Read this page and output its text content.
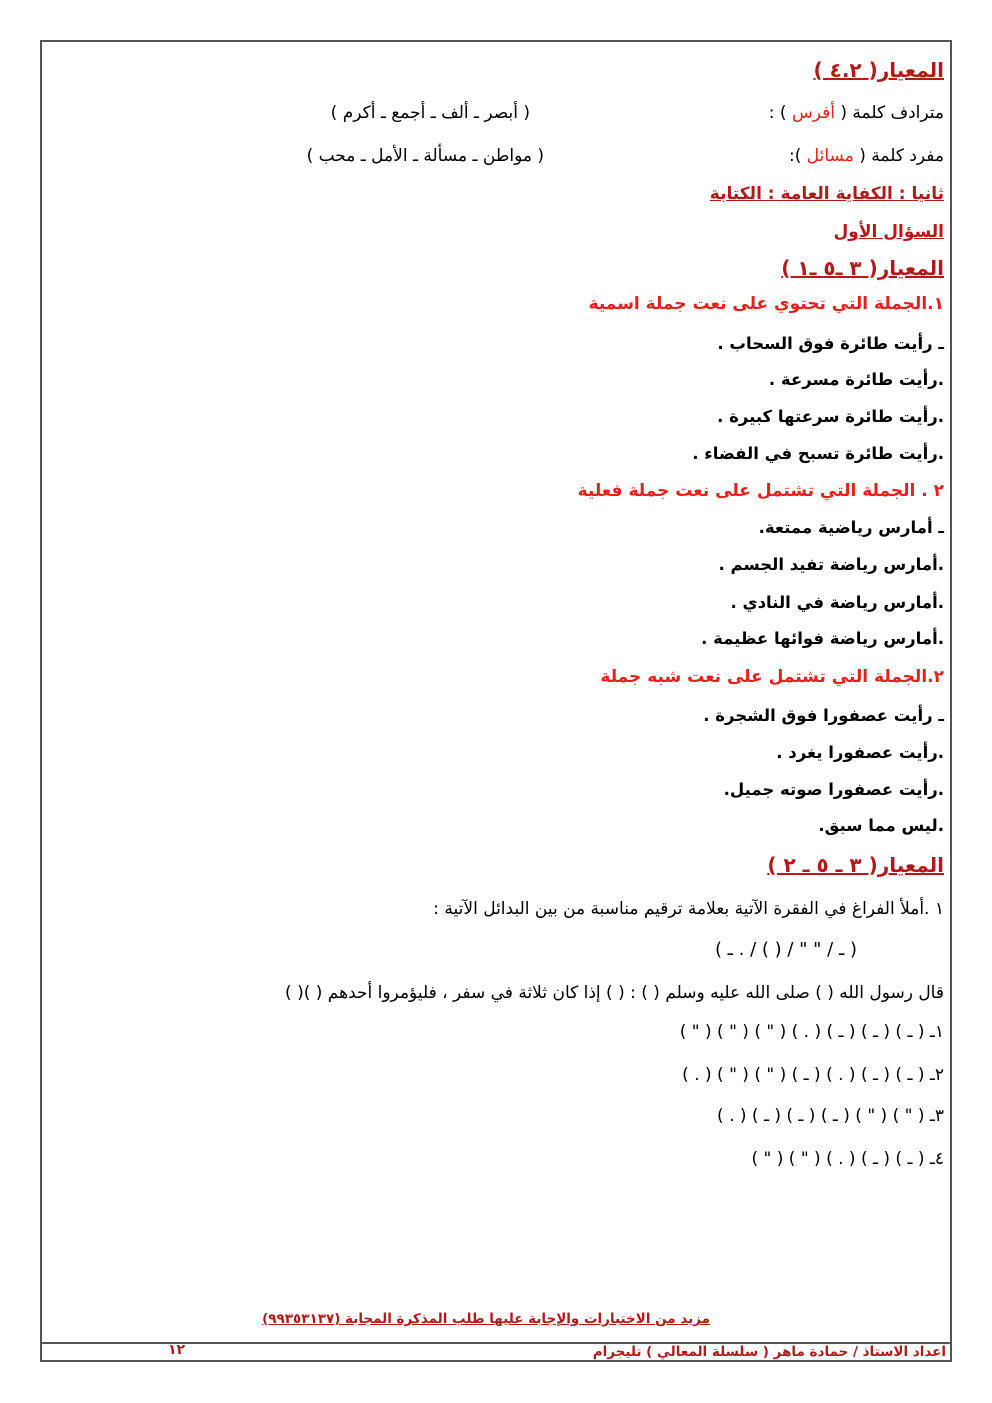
المعيار( ٤.٢ )
مترادف كلمة ( أفرس ) :
( أبصر ـ ألف ـ أجمع ـ أكرم )
مفرد كلمة ( مسائل ):
( مواطن ـ مسألة ـ الأمل ـ محب )
ثانيا : الكفاية العامة : الكتابة
السؤال الأول
المعيار( ٣ ـ٥ ـ١ )
١.الجملة التي تحتوي على نعت جملة اسمية
ـ رأيت طائرة فوق السحاب .
.رأيت طائرة مسرعة .
.رأيت طائرة سرعتها كبيرة .
.رأيت طائرة تسبح في الفضاء .
٢ . الجملة التي تشتمل على نعت جملة فعلية
ـ أمارس رياضية ممتعة.
.أمارس رياضة تفيد الجسم .
.أمارس رياضة في النادي .
.أمارس رياضة فوائها عظيمة .
٢.الجملة التي تشتمل على نعت شبه جملة
ـ رأيت عصفورا فوق الشجرة .
.رأيت عصفورا يغرد .
.رأيت عصفورا صوته جميل.
.ليس مما سبق.
المعيار( ٣ ـ ٥ ـ ٢ )
١ .أملأ الفراغ في الفقرة الآتية بعلامة ترقيم مناسبة من بين البدائل الآتية :
( ـ / " " / ( ) / . ـ )
قال رسول الله ( ) صلى الله عليه وسلم ( ) : ( ) إذا كان ثلاثة في سفر ، فليؤمروا أحدهم ( )( )
١ـ ( ـ ) ( ـ ) ( ـ ) ( . ) ( " ) ( " ) ( " )
٢ـ ( ـ ) ( ـ ) ( . ) ( ـ ) ( " ) ( " ) ( . )
٣ـ ( " ) ( " ) ( ـ ) ( ـ ) ( ـ ) ( . )
٤ـ ( ـ ) ( ـ ) ( . ) ( " ) ( " )
مزيد من الاختبارات والإجابة عليها طلب المذكرة المجابة (٩٩٣٥٣١٣٧)
اعداد الاستاذ / حمادة ماهر ( سلسلة المعالي ) تليجرام
١٢
